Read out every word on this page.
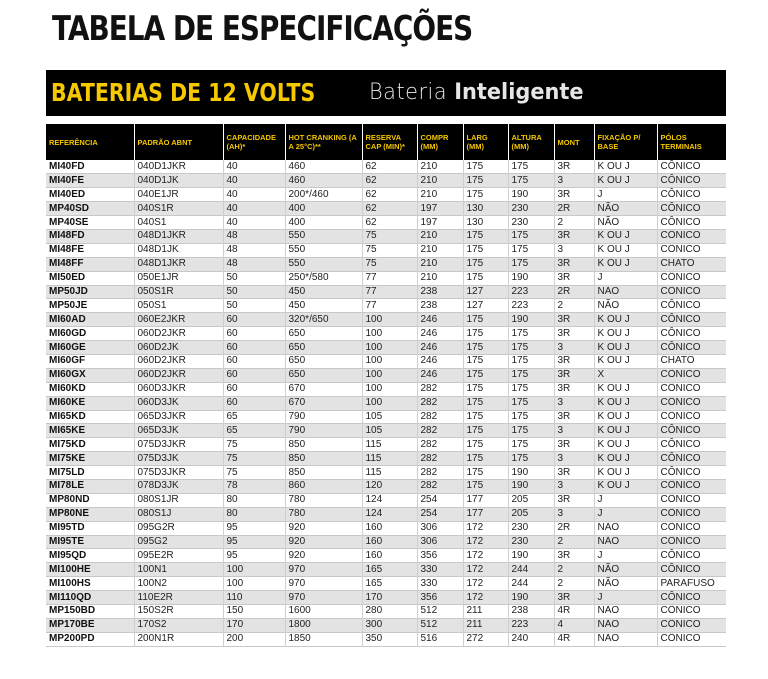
TABELA DE ESPECIFICAÇÕES
BATERIAS DE 12 VOLTS Bateria Inteligente
REFERÊNCIA	PADRÃO ABNT	CAPACIDADE (AH)*	HOT CRANKING (A A 25°C)**	RESERVA CAP (MIN)*	COMPR (MM)	LARG (MM)	ALTURA (MM)	MONT	FIXAÇÃO P/ BASE	PÓLOS TERMINAIS
MI40FD	040D1JKR	40	460	62	210	175	175	3R	K OU J	CÔNICO
MI40FE	040D1JK	40	460	62	210	175	175	3	K OU J	CÔNICO
MI40ED	040E1JR	40	200*/460	62	210	175	190	3R	J	CÔNICO
MP40SD	040S1R	40	400	62	197	130	230	2R	NÃO	CÔNICO
MP40SE	040S1	40	400	62	197	130	230	2	NÃO	CÔNICO
MI48FD	048D1JKR	48	550	75	210	175	175	3R	K OU J	CÔNICO
MI48FE	048D1JK	48	550	75	210	175	175	3	K OU J	CÔNICO
MI48FF	048D1JKR	48	550	75	210	175	175	3R	K OU J	CHATO
MI50ED	050E1JR	50	250*/580	77	210	175	190	3R	J	CÔNICO
MP50JD	050S1R	50	450	77	238	127	223	2R	NÃO	CÔNICO
MP50JE	050S1	50	450	77	238	127	223	2	NÃO	CÔNICO
MI60AD	060E2JKR	60	320*/650	100	246	175	190	3R	K OU J	CÔNICO
MI60GD	060D2JKR	60	650	100	246	175	175	3R	K OU J	CÔNICO
MI60GE	060D2JK	60	650	100	246	175	175	3	K OU J	CÔNICO
MI60GF	060D2JKR	60	650	100	246	175	175	3R	K OU J	CHATO
MI60GX	060D2JKR	60	650	100	246	175	175	3R	X	CÔNICO
MI60KD	060D3JKR	60	670	100	282	175	175	3R	K OU J	CÔNICO
MI60KE	060D3JK	60	670	100	282	175	175	3	K OU J	CÔNICO
MI65KD	065D3JKR	65	790	105	282	175	175	3R	K OU J	CÔNICO
MI65KE	065D3JK	65	790	105	282	175	175	3	K OU J	CÔNICO
MI75KD	075D3JKR	75	850	115	282	175	175	3R	K OU J	CÔNICO
MI75KE	075D3JK	75	850	115	282	175	175	3	K OU J	CÔNICO
MI75LD	075D3JKR	75	850	115	282	175	190	3R	K OU J	CÔNICO
MI78LE	078D3JK	78	860	120	282	175	190	3	K OU J	CÔNICO
MP80ND	080S1JR	80	780	124	254	177	205	3R	J	CÔNICO
MP80NE	080S1J	80	780	124	254	177	205	3	J	CÔNICO
MI95TD	095G2R	95	920	160	306	172	230	2R	NÃO	CÔNICO
MI95TE	095G2	95	920	160	306	172	230	2	NÃO	CÔNICO
MI95QD	095E2R	95	920	160	356	172	190	3R	J	CÔNICO
MI100HE	100N1	100	970	165	330	172	244	2	NÃO	CÔNICO
MI100HS	100N2	100	970	165	330	172	244	2	NÃO	PARAFUSO
MI110QD	110E2R	110	970	170	356	172	190	3R	J	CÔNICO
MP150BD	150S2R	150	1600	280	512	211	238	4R	NÃO	CÔNICO
MP170BE	170S2	170	1800	300	512	211	223	4	NÃO	CÔNICO
MP200PD	200N1R	200	1850	350	516	272	240	4R	NÃO	CÔNICO
